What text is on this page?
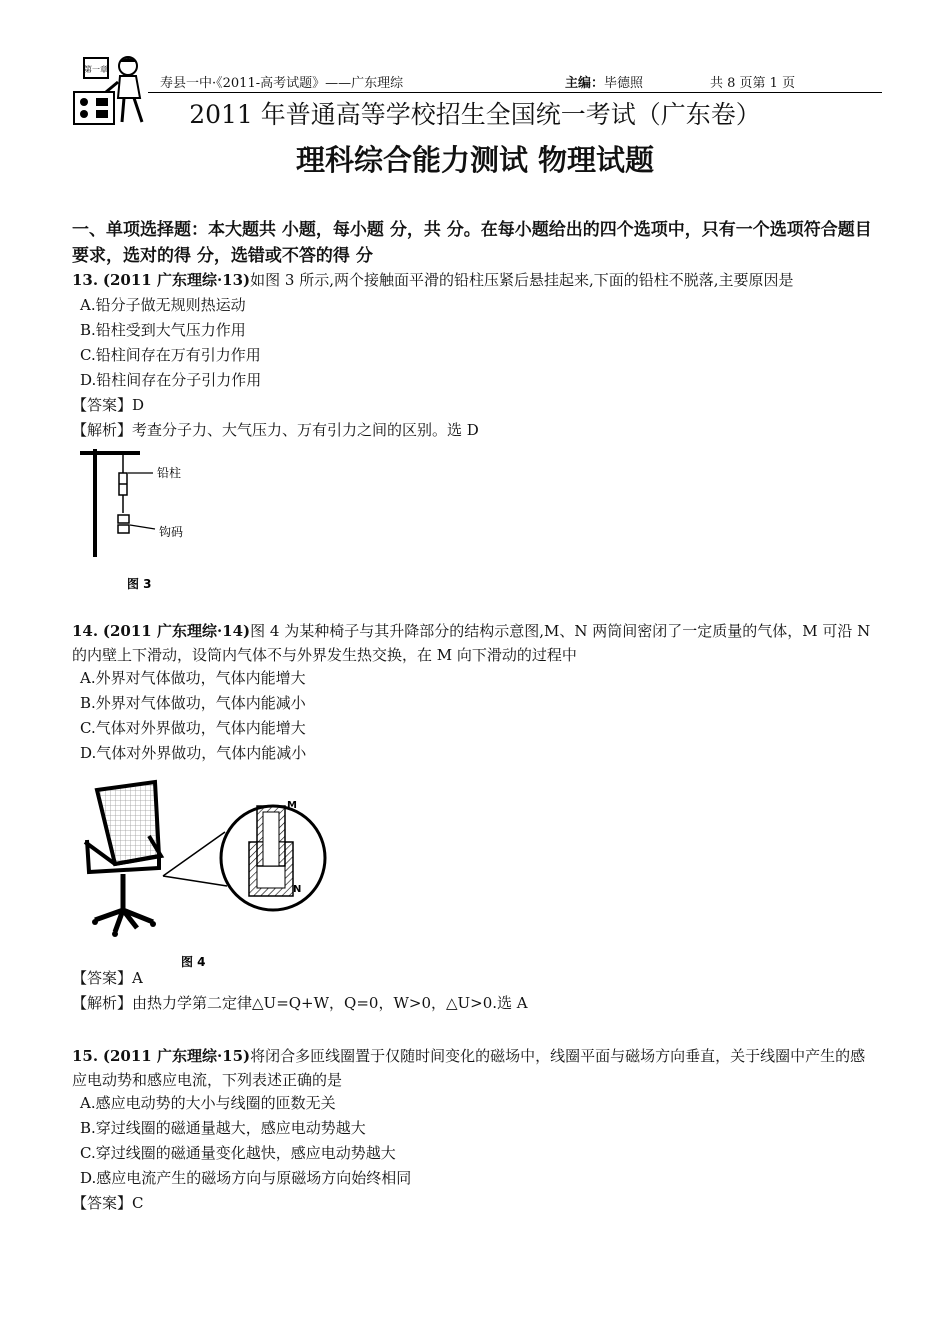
第一章
寿县一中·《2011-高考试题》——广东理综	主编：毕德照	共 8 页第 1 页
2011 年普通高等学校招生全国统一考试（广东卷）
理科综合能力测试 物理试题
一、单项选择题：本大题共 小题，每小题 分，共 分。在每小题给出的四个选项中，只有一个选项符合题目要求，选对的得 分，选错或不答的得 分
13. (2011 广东理综·13)如图 3 所示,两个接触面平滑的铅柱压紧后悬挂起来,下面的铅柱不脱落,主要原因是
A.铅分子做无规则热运动
B.铅柱受到大气压力作用
C.铅柱间存在万有引力作用
D.铅柱间存在分子引力作用
【答案】D
【解析】考查分子力、大气压力、万有引力之间的区别。选 D
铅柱
钩码
图 3
14. (2011 广东理综·14)图 4 为某种椅子与其升降部分的结构示意图,M、N 两筒间密闭了一定质量的气体，M 可沿 N 的内壁上下滑动，设筒内气体不与外界发生热交换，在 M 向下滑动的过程中
A.外界对气体做功，气体内能增大
B.外界对气体做功，气体内能减小
C.气体对外界做功，气体内能增大
D.气体对外界做功，气体内能减小
M
N
图 4
【答案】A
【解析】由热力学第二定律△U=Q+W，Q=0，W>0，△U>0.选 A
15. (2011 广东理综·15)将闭合多匝线圈置于仅随时间变化的磁场中，线圈平面与磁场方向垂直，关于线圈中产生的感应电动势和感应电流，下列表述正确的是
A.感应电动势的大小与线圈的匝数无关
B.穿过线圈的磁通量越大，感应电动势越大
C.穿过线圈的磁通量变化越快，感应电动势越大
D.感应电流产生的磁场方向与原磁场方向始终相同
【答案】C
